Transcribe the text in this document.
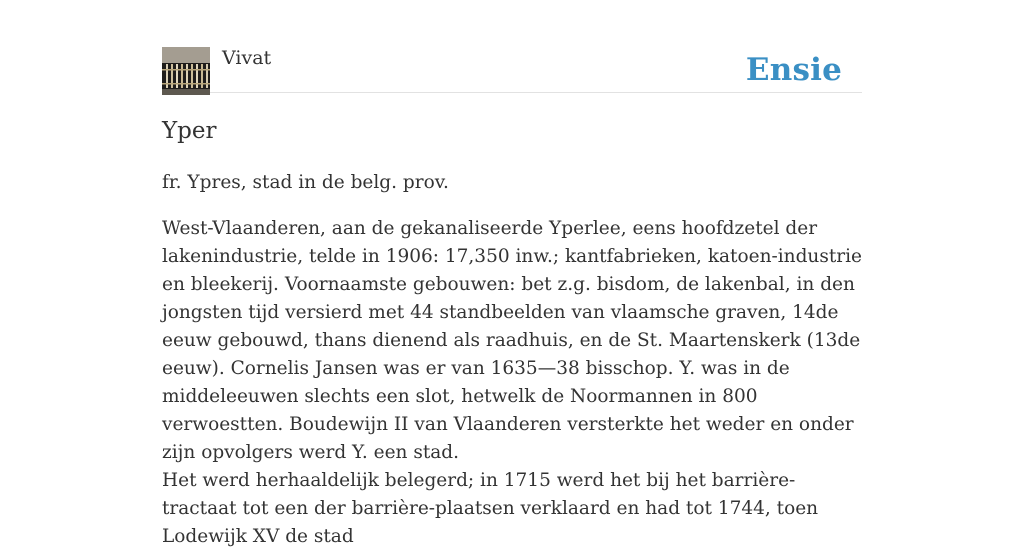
Vivat	Ensie
Yper

fr. Ypres, stad in de belg. prov.

West-Vlaanderen, aan de gekanaliseerde Yperlee, eens hoofdzetel der lakenindustrie, telde in 1906: 17,350 inw.; kantfabrieken, katoen-industrie en bleekerij. Voornaamste gebouwen: bet z.g. bisdom, de lakenbal, in den jongsten tijd versierd met 44 standbeelden van vlaamsche graven, 14de eeuw gebouwd, thans dienend als raadhuis, en de St. Maartenskerk (13de eeuw). Cornelis Jansen was er van 1635—38 bisschop. Y. was in de middeleeuwen slechts een slot, hetwelk de Noormannen in 800 verwoestten. Boudewijn II van Vlaanderen versterkte het weder en onder zijn opvolgers werd Y. een stad.

Het werd herhaaldelijk belegerd; in 1715 werd het bij het barrière-tractaat tot een der barrière-plaatsen verklaard en had tot 1744, toen Lodewijk XV de stad
